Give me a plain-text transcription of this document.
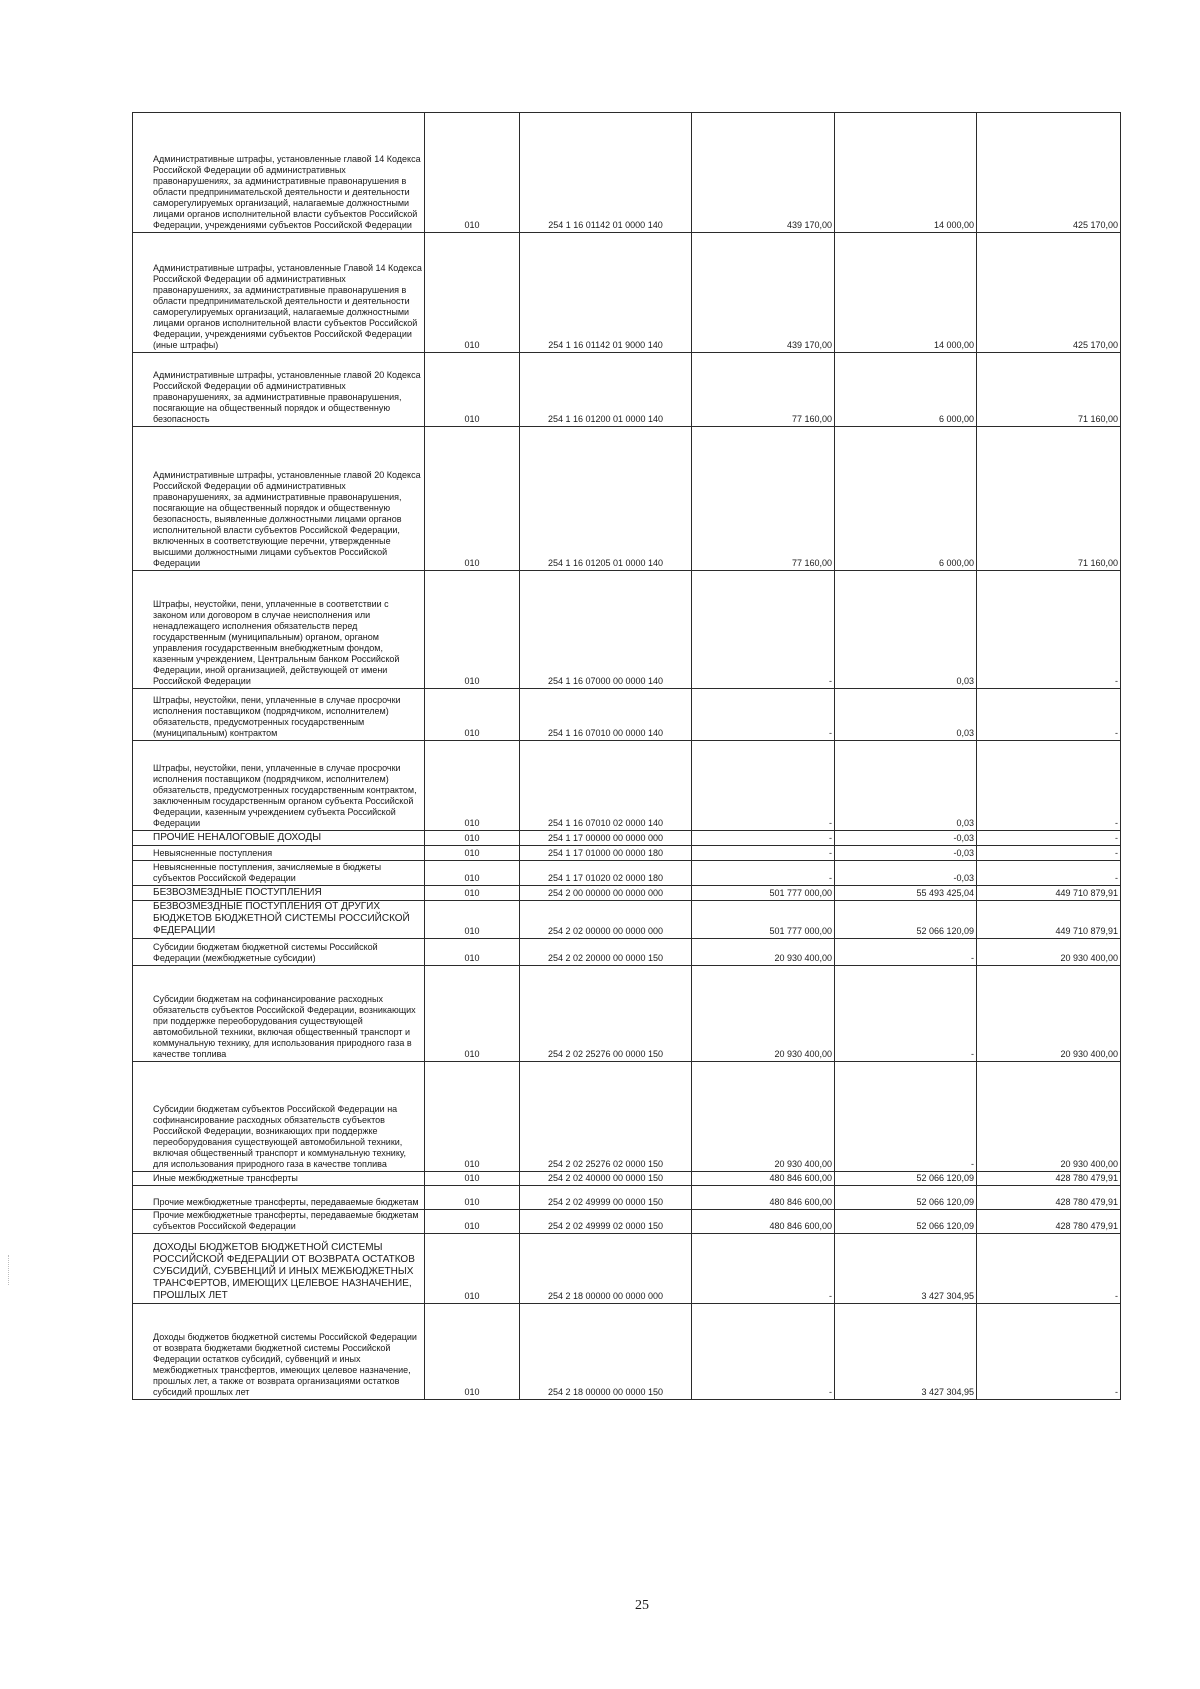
Административные штрафы, установленные главой 14 Кодекса Российской Федерации об административных правонарушениях, за административные правонарушения в области предпринимательской деятельности и деятельности саморегулируемых организаций, налагаемые должностными лицами органов исполнительной власти субъектов Российской Федерации, учреждениями субъектов Российской Федерации	010	254 1 16 01142 01 0000 140	439 170,00	14 000,00	425 170,00
Административные штрафы, установленные Главой 14 Кодекса Российской Федерации об административных правонарушениях, за административные правонарушения в области предпринимательской деятельности и деятельности саморегулируемых организаций, налагаемые должностными лицами органов исполнительной власти субъектов Российской Федерации, учреждениями субъектов Российской Федерации (иные штрафы)	010	254 1 16 01142 01 9000 140	439 170,00	14 000,00	425 170,00
Административные штрафы, установленные главой 20 Кодекса Российской Федерации об административных правонарушениях, за административные правонарушения, посягающие на общественный порядок и общественную безопасность	010	254 1 16 01200 01 0000 140	77 160,00	6 000,00	71 160,00
Административные штрафы, установленные главой 20 Кодекса Российской Федерации об административных правонарушениях, за административные правонарушения, посягающие на общественный порядок и общественную безопасность, выявленные должностными лицами органов исполнительной власти субъектов Российской Федерации, включенных в соответствующие перечни, утвержденные высшими должностными лицами субъектов Российской Федерации	010	254 1 16 01205 01 0000 140	77 160,00	6 000,00	71 160,00
Штрафы, неустойки, пени, уплаченные в соответствии с законом или договором в случае неисполнения или ненадлежащего исполнения обязательств перед государственным (муниципальным) органом, органом управления государственным внебюджетным фондом, казенным учреждением, Центральным банком Российской Федерации, иной организацией, действующей от имени Российской Федерации	010	254 1 16 07000 00 0000 140	-	0,03	-
Штрафы, неустойки, пени, уплаченные в случае просрочки исполнения поставщиком (подрядчиком, исполнителем) обязательств, предусмотренных государственным (муниципальным) контрактом	010	254 1 16 07010 00 0000 140	-	0,03	-
Штрафы, неустойки, пени, уплаченные в случае просрочки исполнения поставщиком (подрядчиком, исполнителем) обязательств, предусмотренных государственным контрактом, заключенным государственным органом субъекта Российской Федерации, казенным учреждением субъекта Российской Федерации	010	254 1 16 07010 02 0000 140	-	0,03	-
ПРОЧИЕ НЕНАЛОГОВЫЕ ДОХОДЫ	010	254 1 17 00000 00 0000 000	-	-0,03	-
Невыясненные поступления	010	254 1 17 01000 00 0000 180	-	-0,03	-
Невыясненные поступления, зачисляемые в бюджеты субъектов Российской Федерации	010	254 1 17 01020 02 0000 180	-	-0,03	-
БЕЗВОЗМЕЗДНЫЕ ПОСТУПЛЕНИЯ	010	254 2 00 00000 00 0000 000	501 777 000,00	55 493 425,04	449 710 879,91
БЕЗВОЗМЕЗДНЫЕ ПОСТУПЛЕНИЯ ОТ ДРУГИХ БЮДЖЕТОВ БЮДЖЕТНОЙ СИСТЕМЫ РОССИЙСКОЙ ФЕДЕРАЦИИ	010	254 2 02 00000 00 0000 000	501 777 000,00	52 066 120,09	449 710 879,91
Субсидии бюджетам бюджетной системы Российской Федерации (межбюджетные субсидии)	010	254 2 02 20000 00 0000 150	20 930 400,00	-	20 930 400,00
Субсидии бюджетам на софинансирование расходных обязательств субъектов Российской Федерации, возникающих при поддержке переоборудования существующей автомобильной техники, включая общественный транспорт и коммунальную технику, для использования природного газа в качестве топлива	010	254 2 02 25276 00 0000 150	20 930 400,00	-	20 930 400,00
Субсидии бюджетам субъектов Российской Федерации на софинансирование расходных обязательств субъектов Российской Федерации, возникающих при поддержке переоборудования существующей автомобильной техники, включая общественный транспорт и коммунальную технику, для использования природного газа в качестве топлива	010	254 2 02 25276 02 0000 150	20 930 400,00	-	20 930 400,00
Иные межбюджетные трансферты	010	254 2 02 40000 00 0000 150	480 846 600,00	52 066 120,09	428 780 479,91
Прочие межбюджетные трансферты, передаваемые бюджетам	010	254 2 02 49999 00 0000 150	480 846 600,00	52 066 120,09	428 780 479,91
Прочие межбюджетные трансферты, передаваемые бюджетам субъектов Российской Федерации	010	254 2 02 49999 02 0000 150	480 846 600,00	52 066 120,09	428 780 479,91
ДОХОДЫ БЮДЖЕТОВ БЮДЖЕТНОЙ СИСТЕМЫ РОССИЙСКОЙ ФЕДЕРАЦИИ ОТ ВОЗВРАТА ОСТАТКОВ СУБСИДИЙ, СУБВЕНЦИЙ И ИНЫХ МЕЖБЮДЖЕТНЫХ ТРАНСФЕРТОВ, ИМЕЮЩИХ ЦЕЛЕВОЕ НАЗНАЧЕНИЕ, ПРОШЛЫХ ЛЕТ	010	254 2 18 00000 00 0000 000	-	3 427 304,95	-
Доходы бюджетов бюджетной системы Российской Федерации от возврата бюджетами бюджетной системы Российской Федерации остатков субсидий, субвенций и иных межбюджетных трансфертов, имеющих целевое назначение, прошлых лет, а также от возврата организациями остатков субсидий прошлых лет	010	254 2 18 00000 00 0000 150	-	3 427 304,95	-
25
